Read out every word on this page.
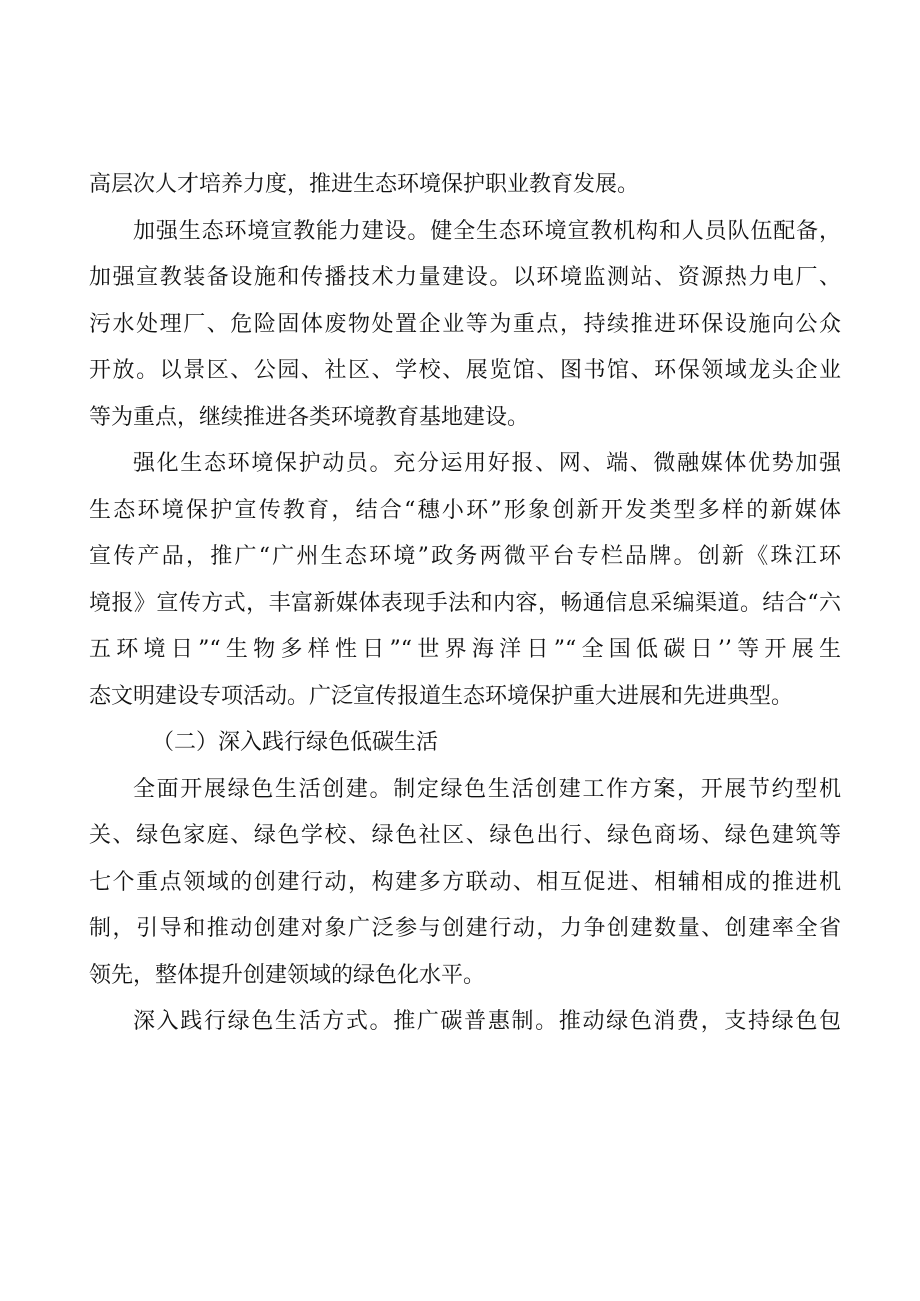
高层次人才培养力度，推进生态环境保护职业教育发展。
加强生态环境宣教能力建设。健全生态环境宣教机构和人员队伍配备，
加强宣教装备设施和传播技术力量建设。以环境监测站、资源热力电厂、
污水处理厂、危险固体废物处置企业等为重点，持续推进环保设施向公众
开放。以景区、公园、社区、学校、展览馆、图书馆、环保领域龙头企业
等为重点，继续推进各类环境教育基地建设。
强化生态环境保护动员。充分运用好报、网、端、微融媒体优势加强
生态环境保护宣传教育，结合“穗小环”形象创新开发类型多样的新媒体
宣传产品，推广“广州生态环境”政务两微平台专栏品牌。创新《珠江环
境报》宣传方式，丰富新媒体表现手法和内容，畅通信息采编渠道。结合“六
五环境日”“生物多样性日”“世界海洋日”“全国低碳日’’等开展生
态文明建设专项活动。广泛宣传报道生态环境保护重大进展和先进典型。
（二）深入践行绿色低碳生活
全面开展绿色生活创建。制定绿色生活创建工作方案，开展节约型机
关、绿色家庭、绿色学校、绿色社区、绿色出行、绿色商场、绿色建筑等
七个重点领域的创建行动，构建多方联动、相互促进、相辅相成的推进机
制，引导和推动创建对象广泛参与创建行动，力争创建数量、创建率全省
领先，整体提升创建领域的绿色化水平。
深入践行绿色生活方式。推广碳普惠制。推动绿色消费，支持绿色包
